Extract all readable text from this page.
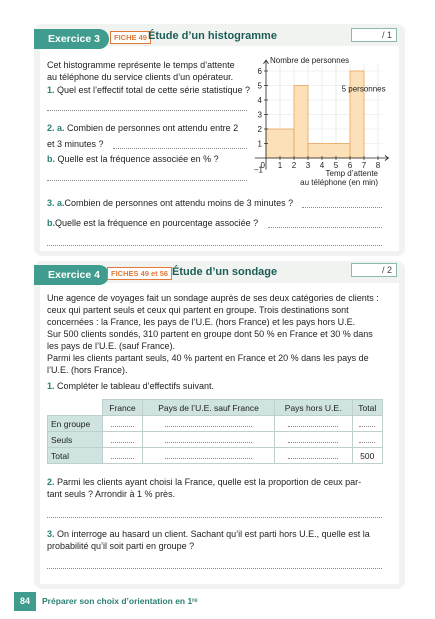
Exercice 3	FICHE 49 Étude d’un histogramme	/ 1
Cet histogramme représente le temps d’attente
au téléphone du service clients d’un opérateur.
1. Quel est l’effectif total de cette série statistique ?
2. a. Combien de personnes ont attendu entre 2
et 3 minutes ?
b. Quelle est la fréquence associée en % ?
1 2 3 4 5 6 7 8
1
2
3
4
5
6
0
−1
Nombre de personnes
5 personnes
Temp d’attente
au téléphone (en min)
3. a.Combien de personnes ont attendu moins de 3 minutes ?
b.Quelle est la fréquence en pourcentage associée ?
Exercice 4	FICHES 49 et 56 Étude d’un sondage	/ 2
Une agence de voyages fait un sondage auprès de ses deux catégories de clients :
ceux qui partent seuls et ceux qui partent en groupe. Trois destinations sont
concernées : la France, les pays de l’U.E. (hors France) et les pays hors U.E.
Sur 500 clients sondés, 310 partent en groupe dont 50 % en France et 30 % dans
les pays de l’U.E. (sauf France).
Parmi les clients partant seuls, 40 % partent en France et 20 % dans les pays de
l’U.E. (hors France).
1. Compléter le tableau d’effectifs suivant.
	France	Pays de l’U.E. sauf France	Pays hors U.E.	Total
En groupe				
Seuls				
Total				500
2. Parmi les clients ayant choisi la France, quelle est la proportion de ceux par-
tant seuls ? Arrondir à 1 % près.
3. On interroge au hasard un client. Sachant qu’il est parti hors U.E., quelle est la
probabilité qu’il soit parti en groupe ?
84	Préparer son choix d’orientation en 1ʳᵉ
